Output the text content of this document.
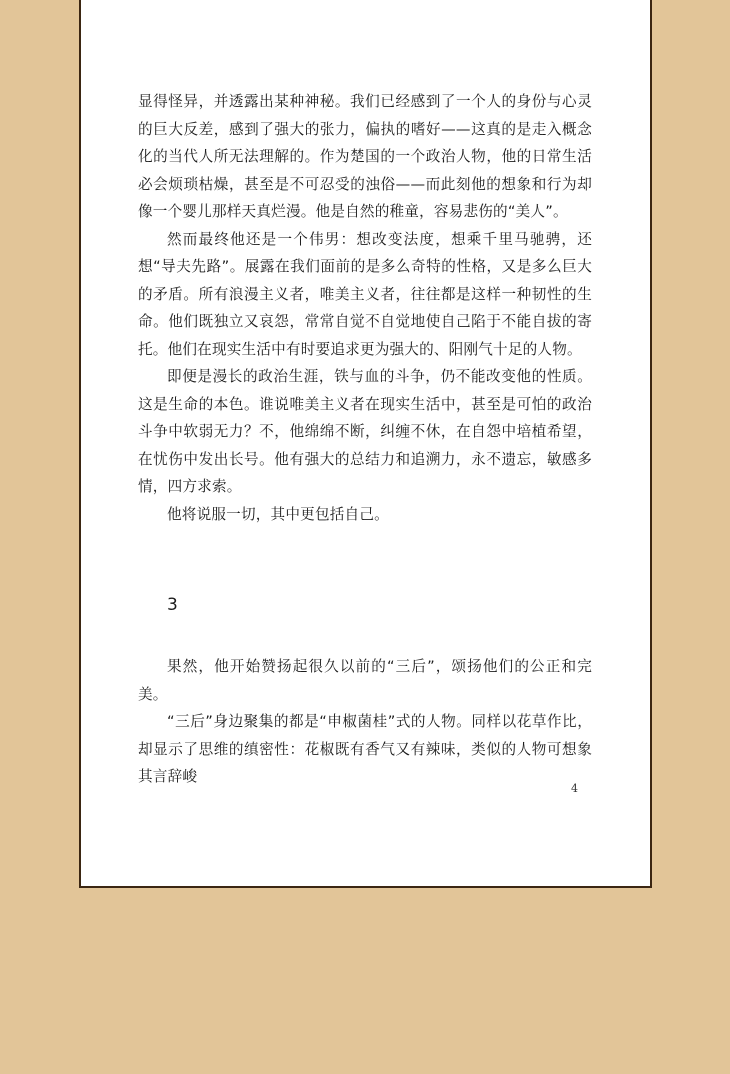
显得怪异，并透露出某种神秘。我们已经感到了一个人的身份与心灵的巨大反差，感到了强大的张力，偏执的嗜好——这真的是走入概念化的当代人所无法理解的。作为楚国的一个政治人物，他的日常生活必会烦琐枯燥，甚至是不可忍受的浊俗——而此刻他的想象和行为却像一个婴儿那样天真烂漫。他是自然的稚童，容易悲伤的“美人”。

然而最终他还是一个伟男：想改变法度，想乘千里马驰骋，还想“导夫先路”。展露在我们面前的是多么奇特的性格，又是多么巨大的矛盾。所有浪漫主义者，唯美主义者，往往都是这样一种韧性的生命。他们既独立又哀怨，常常自觉不自觉地使自己陷于不能自拔的寄托。他们在现实生活中有时要追求更为强大的、阳刚气十足的人物。

即便是漫长的政治生涯，铁与血的斗争，仍不能改变他的性质。这是生命的本色。谁说唯美主义者在现实生活中，甚至是可怕的政治斗争中软弱无力？不，他绵绵不断，纠缠不休，在自怨中培植希望，在忧伤中发出长号。他有强大的总结力和追溯力，永不遗忘，敏感多情，四方求索。

他将说服一切，其中更包括自己。

3

果然，他开始赞扬起很久以前的“三后”，颂扬他们的公正和完美。

“三后”身边聚集的都是“申椒菌桂”式的人物。同样以花草作比，却显示了思维的缜密性：花椒既有香气又有辣味，类似的人物可想象其言辞峻

4
